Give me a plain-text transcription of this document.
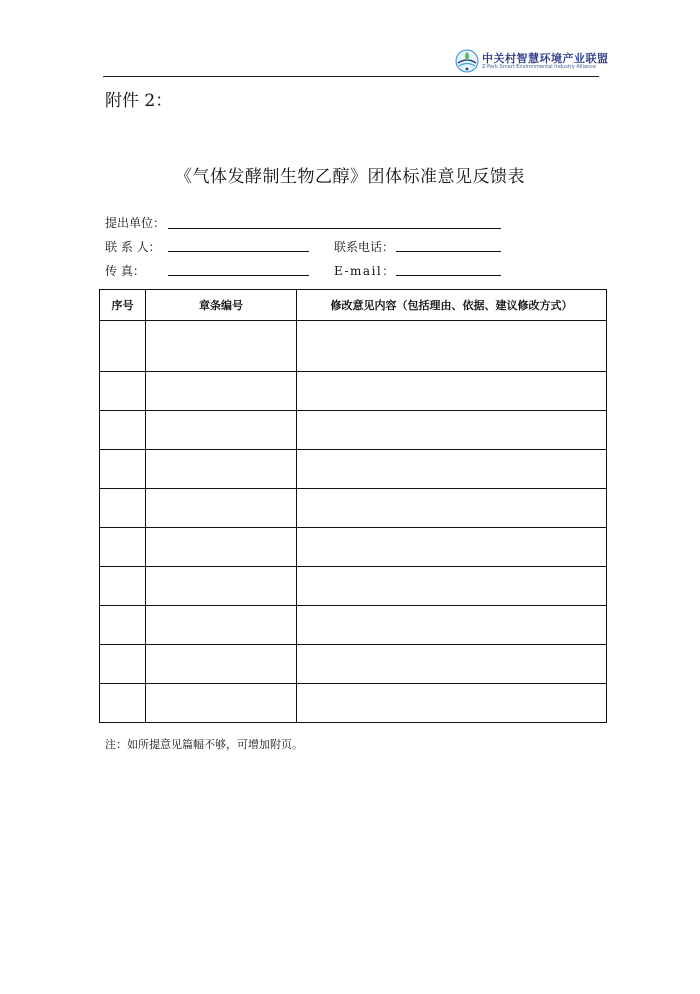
中关村智慧环境产业联盟
Z-Park Smart Environmental Industry Alliance
附件 2：
《气体发酵制生物乙醇》团体标准意见反馈表
提出单位：
联 系 人：	联系电话：
传 真：	E-mail：
序号	章条编号	修改意见内容（包括理由、依据、建议修改方式）

注：如所提意见篇幅不够，可增加附页。
